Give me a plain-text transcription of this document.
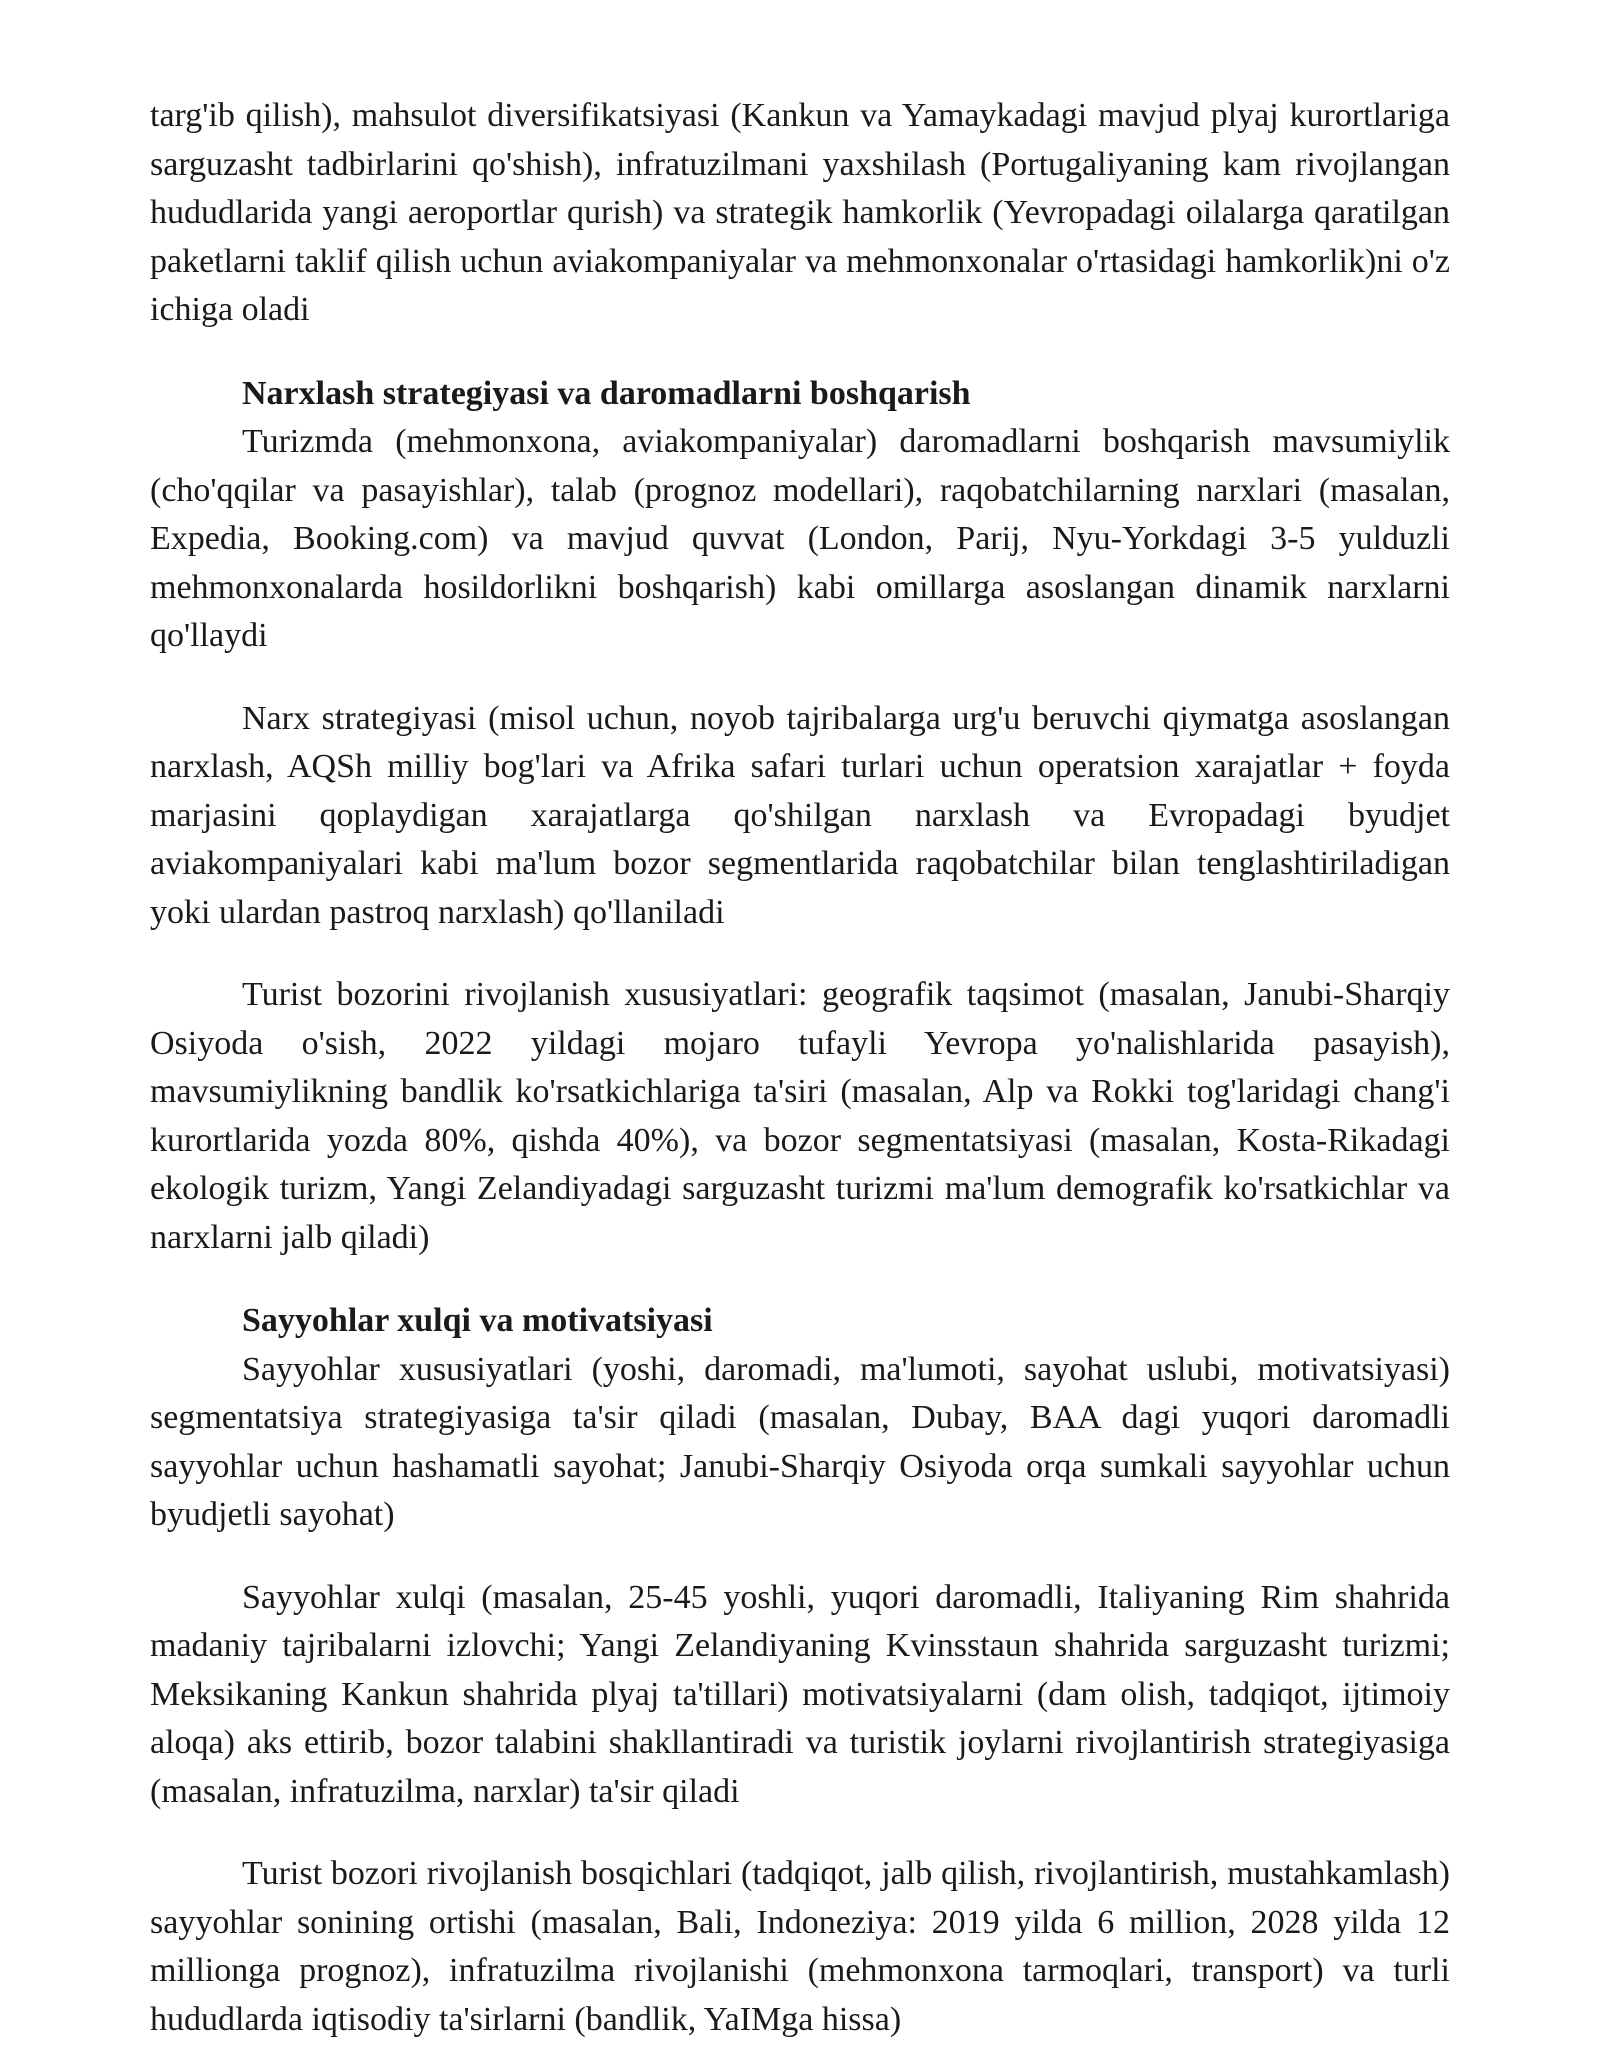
targ'ib qilish), mahsulot diversifikatsiyasi (Kankun va Yamaykadagi mavjud plyaj kurortlariga sarguzasht tadbirlarini qo'shish), infratuzilmani yaxshilash (Portugaliyaning kam rivojlangan hududlarida yangi aeroportlar qurish) va strategik hamkorlik (Yevropadagi oilalarga qaratilgan paketlarni taklif qilish uchun aviakompaniyalar va mehmonxonalar o'rtasidagi hamkorlik)ni o'z ichiga oladi

Narxlash strategiyasi va daromadlarni boshqarish

Turizmda (mehmonxona, aviakompaniyalar) daromadlarni boshqarish mavsumiylik (cho'qqilar va pasayishlar), talab (prognoz modellari), raqobatchilarning narxlari (masalan, Expedia, Booking.com) va mavjud quvvat (London, Parij, Nyu-Yorkdagi 3-5 yulduzli mehmonxonalarda hosildorlikni boshqarish) kabi omillarga asoslangan dinamik narxlarni qo'llaydi

Narx strategiyasi (misol uchun, noyob tajribalarga urg'u beruvchi qiymatga asoslangan narxlash, AQSh milliy bog'lari va Afrika safari turlari uchun operatsion xarajatlar + foyda marjasini qoplaydigan xarajatlarga qo'shilgan narxlash va Evropadagi byudjet aviakompaniyalari kabi ma'lum bozor segmentlarida raqobatchilar bilan tenglashtiriladigan yoki ulardan pastroq narxlash) qo'llaniladi

Turist bozorini rivojlanish xususiyatlari: geografik taqsimot (masalan, Janubi-Sharqiy Osiyoda o'sish, 2022 yildagi mojaro tufayli Yevropa yo'nalishlarida pasayish), mavsumiylikning bandlik ko'rsatkichlariga ta'siri (masalan, Alp va Rokki tog'laridagi chang'i kurortlarida yozda 80%, qishda 40%), va bozor segmentatsiyasi (masalan, Kosta-Rikadagi ekologik turizm, Yangi Zelandiyadagi sarguzasht turizmi ma'lum demografik ko'rsatkichlar va narxlarni jalb qiladi)

Sayyohlar xulqi va motivatsiyasi

Sayyohlar xususiyatlari (yoshi, daromadi, ma'lumoti, sayohat uslubi, motivatsiyasi) segmentatsiya strategiyasiga ta'sir qiladi (masalan, Dubay, BAA dagi yuqori daromadli sayyohlar uchun hashamatli sayohat; Janubi-Sharqiy Osiyoda orqa sumkali sayyohlar uchun byudjetli sayohat)

Sayyohlar xulqi (masalan, 25-45 yoshli, yuqori daromadli, Italiyaning Rim shahrida madaniy tajribalarni izlovchi; Yangi Zelandiyaning Kvinsstaun shahrida sarguzasht turizmi; Meksikaning Kankun shahrida plyaj ta'tillari) motivatsiyalarni (dam olish, tadqiqot, ijtimoiy aloqa) aks ettirib, bozor talabini shakllantiradi va turistik joylarni rivojlantirish strategiyasiga (masalan, infratuzilma, narxlar) ta'sir qiladi

Turist bozori rivojlanish bosqichlari (tadqiqot, jalb qilish, rivojlantirish, mustahkamlash) sayyohlar sonining ortishi (masalan, Bali, Indoneziya: 2019 yilda 6 million, 2028 yilda 12 millionga prognoz), infratuzilma rivojlanishi (mehmonxona tarmoqlari, transport) va turli hududlarda iqtisodiy ta'sirlarni (bandlik, YaIMga hissa)
